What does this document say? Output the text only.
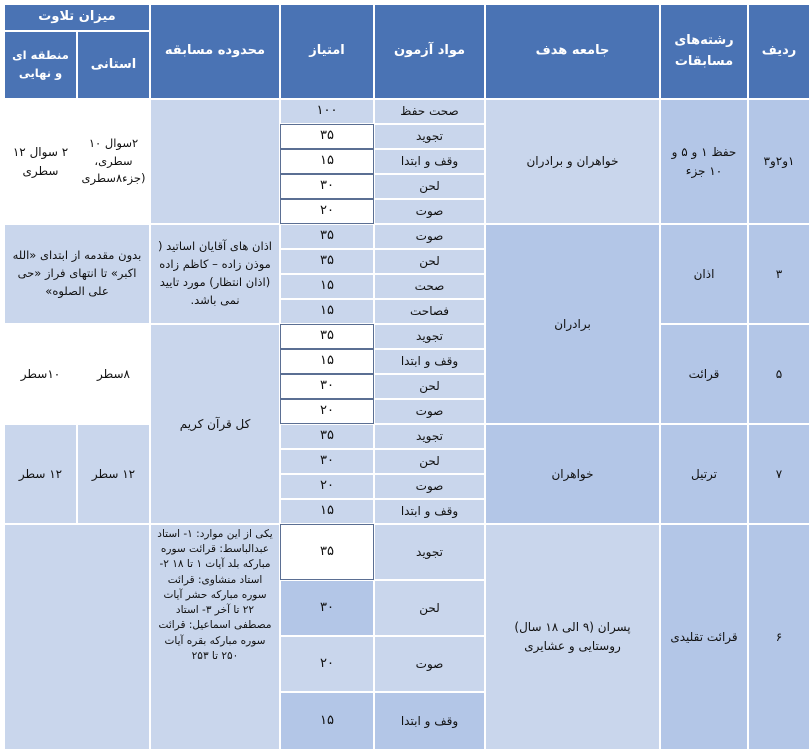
ردیف
رشته‌های مسابقات
جامعه هدف
مواد آزمون
امتیاز
محدوده مسابقه
میزان تلاوت
استانی
منطقه ای و نهایی
۱و۲و۳
حفظ ۱ و ۵ و ۱۰ جزء
خواهران و برادران
صحت حفظ
تجوید
وقف و ابتدا
لحن
صوت
۱۰۰
۳۵
۱۵
۳۰
۲۰
۲سوال ۱۰ سطری، (جزء۸سطری
۲ سوال ۱۲ سطری
۳
اذان
صوت
لحن
صحت
فصاحت
۳۵
۳۵
۱۵
۱۵
اذان های آقایان اساتید ( موذن زاده – کاظم زاده (اذان انتظار) مورد تایید نمی باشد.
بدون مقدمه از ابتدای «الله اکبر» تا انتهای فراز «حی علی الصلوه»
برادران
۵
قرائت
تجوید
وقف و ابتدا
لحن
صوت
۳۵
۱۵
۳۰
۲۰
۸سطر
۱۰سطر
کل قرآن کریم
۷
ترتیل
خواهران
تجوید
لحن
صوت
وقف و ابتدا
۳۵
۳۰
۲۰
۱۵
۱۲ سطر
۱۲ سطر
۶
قرائت تقلیدی
پسران (۹ الی ۱۸ سال) روستایی و عشایری
تجوید
لحن
صوت
وقف و ابتدا
۳۵
۳۰
۲۰
۱۵
یکی از این موارد: ۱- استاد عبدالباسط: قرائت سوره مبارکه بلد آیات ۱ تا ۱۸ ۲- استاد منشاوی: قرائت سوره مبارکه حشر آیات ۲۲ تا آخر ۳- استاد مصطفی اسماعیل: قرائت سوره مبارکه بقره آیات ۲۵۰ تا ۲۵۳
